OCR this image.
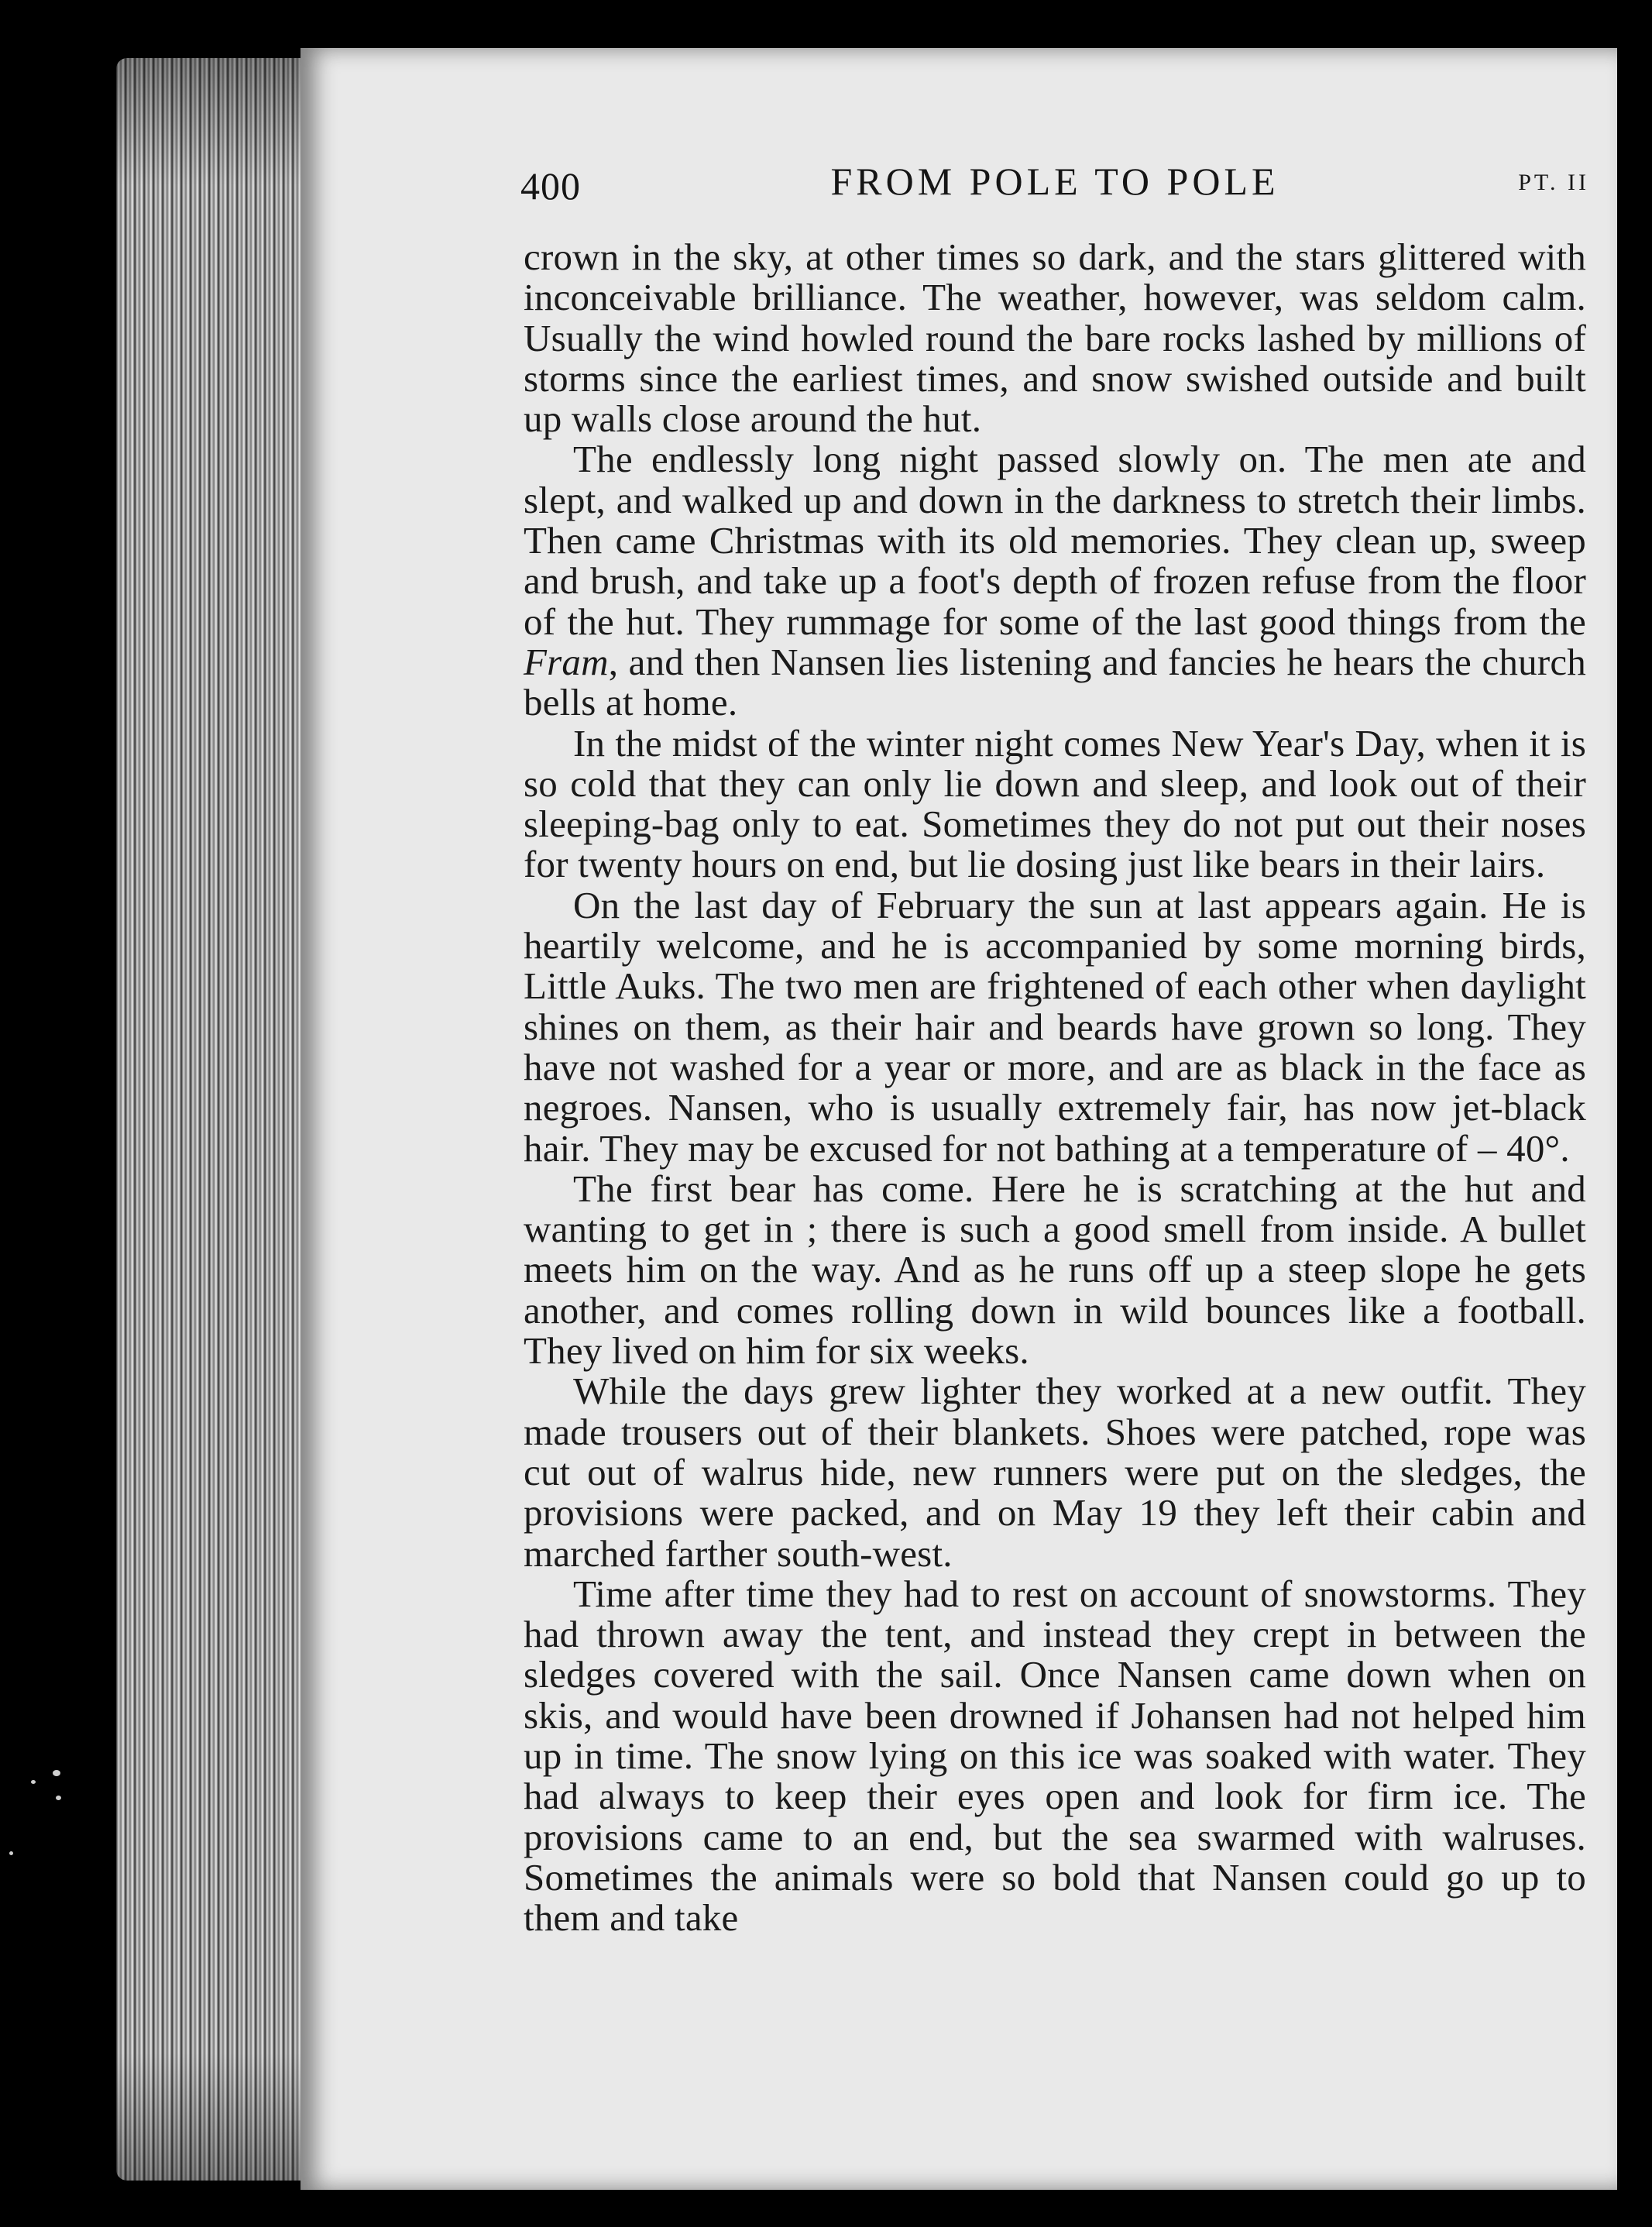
400	FROM POLE TO POLE	PT. II

crown in the sky, at other times so dark, and the stars glittered with inconceivable brilliance. The weather, however, was seldom calm. Usually the wind howled round the bare rocks lashed by millions of storms since the earliest times, and snow swished outside and built up walls close around the hut.

The endlessly long night passed slowly on. The men ate and slept, and walked up and down in the darkness to stretch their limbs. Then came Christmas with its old memories. They clean up, sweep and brush, and take up a foot's depth of frozen refuse from the floor of the hut. They rummage for some of the last good things from the Fram, and then Nansen lies listening and fancies he hears the church bells at home.

In the midst of the winter night comes New Year's Day, when it is so cold that they can only lie down and sleep, and look out of their sleeping-bag only to eat. Sometimes they do not put out their noses for twenty hours on end, but lie dosing just like bears in their lairs.

On the last day of February the sun at last appears again. He is heartily welcome, and he is accompanied by some morning birds, Little Auks. The two men are frightened of each other when daylight shines on them, as their hair and beards have grown so long. They have not washed for a year or more, and are as black in the face as negroes. Nansen, who is usually extremely fair, has now jet-black hair. They may be excused for not bathing at a temperature of – 40°.

The first bear has come. Here he is scratching at the hut and wanting to get in ; there is such a good smell from inside. A bullet meets him on the way. And as he runs off up a steep slope he gets another, and comes rolling down in wild bounces like a football. They lived on him for six weeks.

While the days grew lighter they worked at a new outfit. They made trousers out of their blankets. Shoes were patched, rope was cut out of walrus hide, new runners were put on the sledges, the provisions were packed, and on May 19 they left their cabin and marched farther south-west.

Time after time they had to rest on account of snowstorms. They had thrown away the tent, and instead they crept in between the sledges covered with the sail. Once Nansen came down when on skis, and would have been drowned if Johansen had not helped him up in time. The snow lying on this ice was soaked with water. They had always to keep their eyes open and look for firm ice. The provisions came to an end, but the sea swarmed with walruses. Sometimes the animals were so bold that Nansen could go up to them and take
